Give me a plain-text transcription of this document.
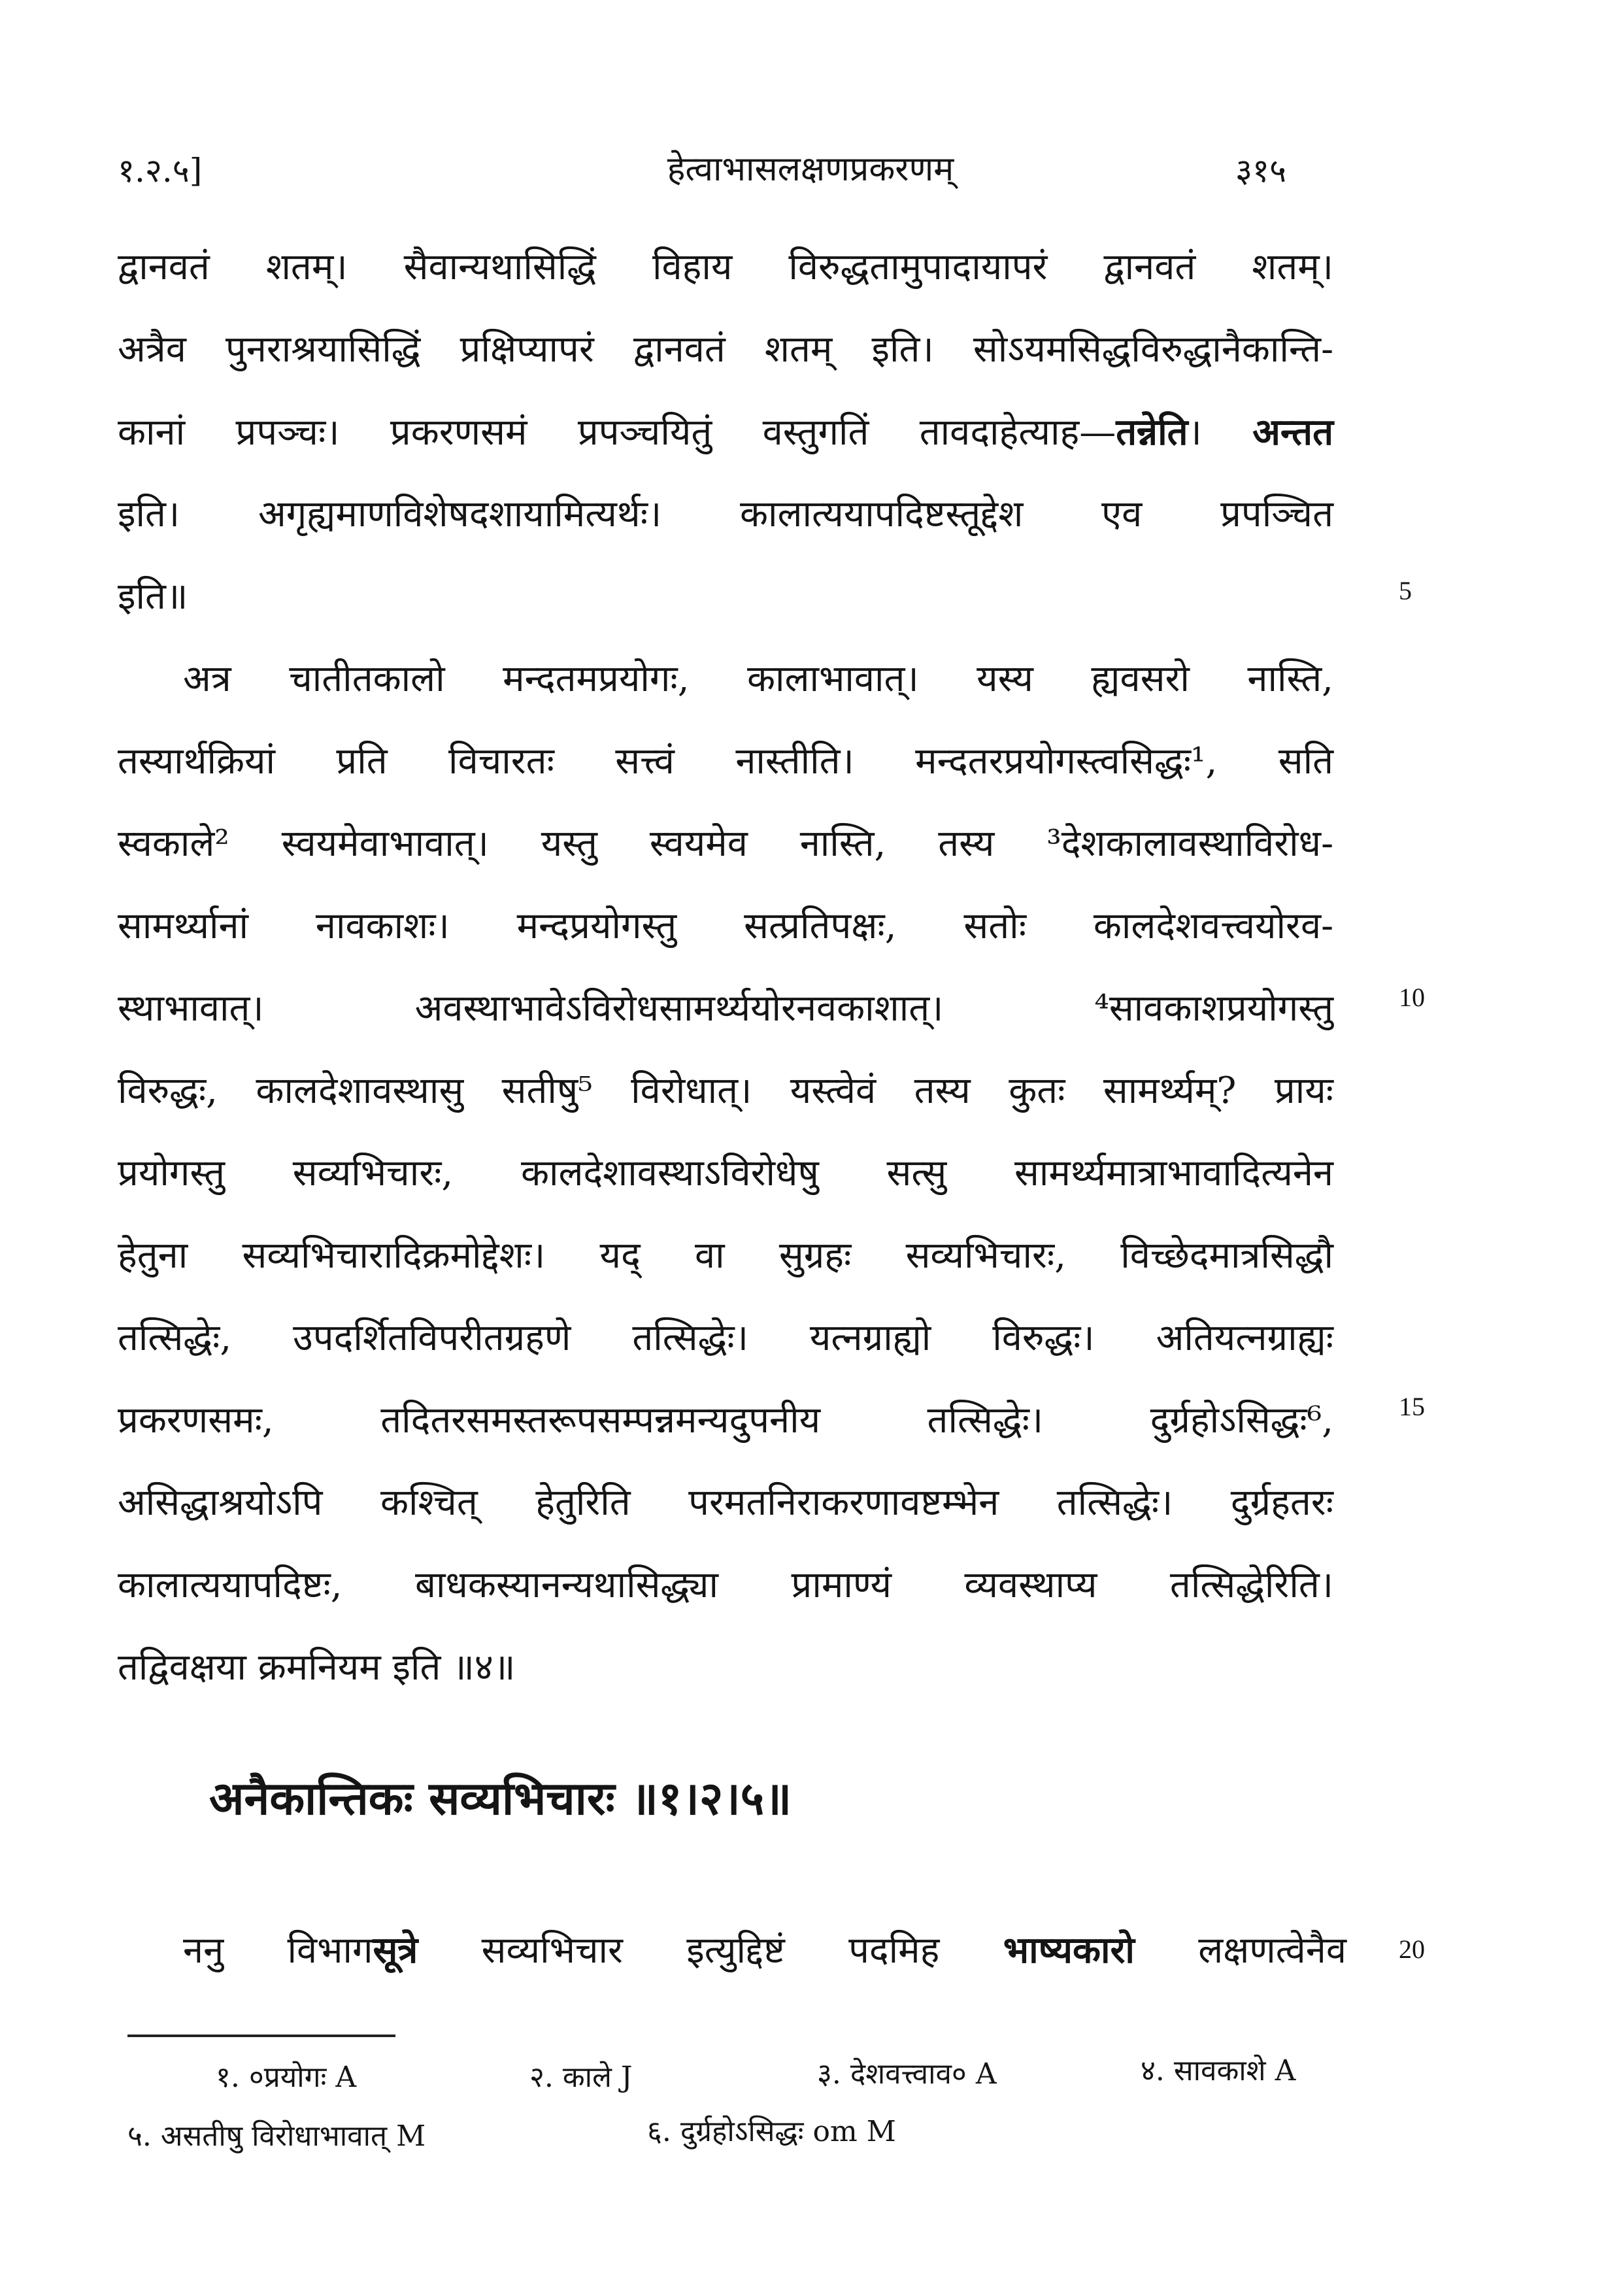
१.२.५]	हेत्वाभासलक्षणप्रकरणम्	३१५
द्वानवतं शतम्। सैवान्यथासिद्धिं विहाय विरुद्धतामुपादायापरं द्वानवतं शतम्।
अत्रैव पुनराश्रयासिद्धिं प्रक्षिप्यापरं द्वानवतं शतम् इति। सोऽयमसिद्धविरुद्धानैकान्ति-
कानां प्रपञ्चः। प्रकरणसमं प्रपञ्चयितुं वस्तुगतिं तावदाहेत्याह—तन्नेति। अन्तत
इति। अगृह्यमाणविशेषदशायामित्यर्थः। कालात्ययापदिष्टस्तूद्देश एव प्रपञ्चित
इति॥	5
अत्र चातीतकालो मन्दतमप्रयोगः, कालाभावात्। यस्य ह्यवसरो नास्ति,
तस्यार्थक्रियां प्रति विचारतः सत्त्वं नास्तीति। मन्दतरप्रयोगस्त्वसिद्धः¹, सति
स्वकाले² स्वयमेवाभावात्। यस्तु स्वयमेव नास्ति, तस्य ³देशकालावस्थाविरोध-
सामर्थ्यानां नावकाशः। मन्दप्रयोगस्तु सत्प्रतिपक्षः, सतोः कालदेशवत्त्वयोरव-
स्थाभावात्। अवस्थाभावेऽविरोधसामर्थ्ययोरनवकाशात्। ⁴सावकाशप्रयोगस्तु	10
विरुद्धः, कालदेशावस्थासु सतीषु⁵ विरोधात्। यस्त्वेवं तस्य कुतः सामर्थ्यम्? प्रायः
प्रयोगस्तु सव्यभिचारः, कालदेशावस्थाऽविरोधेषु सत्सु सामर्थ्यमात्राभावादित्यनेन
हेतुना सव्यभिचारादिक्रमोद्देशः। यद् वा सुग्रहः सव्यभिचारः, विच्छेदमात्रसिद्धौ
तत्सिद्धेः, उपदर्शितविपरीतग्रहणे तत्सिद्धेः। यत्नग्राह्यो विरुद्धः। अतियत्नग्राह्यः
प्रकरणसमः, तदितरसमस्तरूपसम्पन्नमन्यदुपनीय तत्सिद्धेः। दुर्ग्रहोऽसिद्धः⁶,	15
असिद्धाश्रयोऽपि कश्चित् हेतुरिति परमतनिराकरणावष्टम्भेन तत्सिद्धेः। दुर्ग्रहतरः
कालात्ययापदिष्टः, बाधकस्यानन्यथासिद्ध्या प्रामाण्यं व्यवस्थाप्य तत्सिद्धेरिति।
तद्विवक्षया क्रमनियम इति ॥४॥
अनैकान्तिकः सव्यभिचारः ॥१।२।५॥
ननु विभागसूत्रे सव्यभिचार इत्युद्दिष्टं पदमिह भाष्यकारो लक्षणत्वेनैव 20
१. ०प्रयोगः A	२. काले J	३. देशवत्त्वाव० A	४. सावकाशे A
५. असतीषु विरोधाभावात् M	६. दुर्ग्रहोऽसिद्धः om M
